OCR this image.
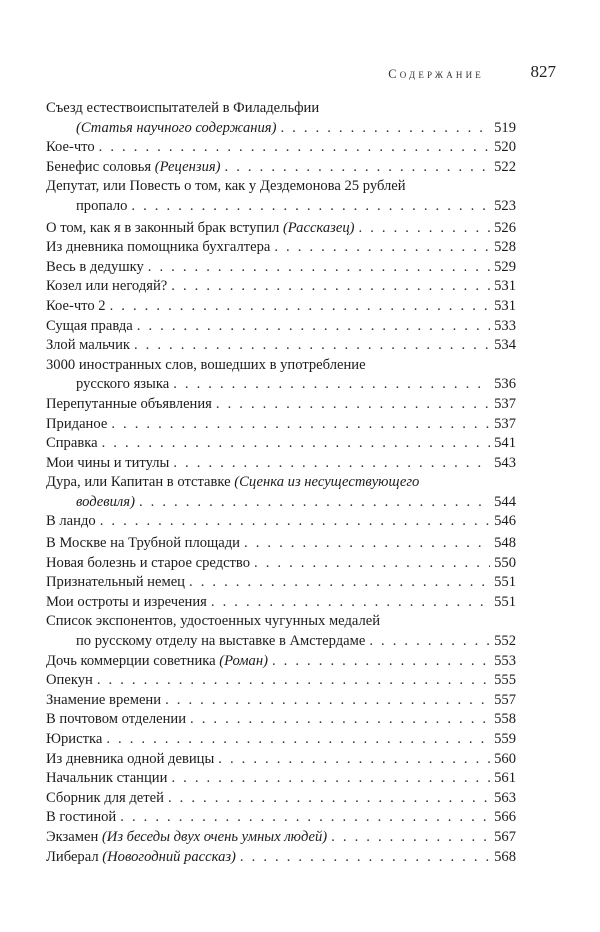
Содержание	827
Съезд естествоиспытателей в Филадельфии
(Статья научного содержания) . . .	519
Кое-что . . .	520
Бенефис соловья (Рецензия) . . .	522
Депутат, или Повесть о том, как у Дездемонова 25 рублей
пропало . . .	523
О том, как я в законный брак вступил (Рассказец) . . .	526
Из дневника помощника бухгалтера . . .	528
Весь в дедушку . . .	529
Козел или негодяй? . . .	531
Кое-что 2 . . .	531
Сущая правда . . .	533
Злой мальчик . . .	534
3000 иностранных слов, вошедших в употребление
русского языка . . .	536
Перепутанные объявления . . .	537
Приданое . . .	537
Справка . . .	541
Мои чины и титулы . . .	543
Дура, или Капитан в отставке (Сценка из несуществующего
водевиля) . . .	544
В ландо . . .	546
В Москве на Трубной площади . . .	548
Новая болезнь и старое средство . . .	550
Признательный немец . . .	551
Мои остроты и изречения . . .	551
Список экспонентов, удостоенных чугунных медалей
по русскому отделу на выставке в Амстердаме . . .	552
Дочь коммерции советника (Роман) . . .	553
Опекун . . .	555
Знамение времени . . .	557
В почтовом отделении . . .	558
Юристка . . .	559
Из дневника одной девицы . . .	560
Начальник станции . . .	561
Сборник для детей . . .	563
В гостиной . . .	566
Экзамен (Из беседы двух очень умных людей) . . .	567
Либерал (Новогодний рассказ) . . .	568
